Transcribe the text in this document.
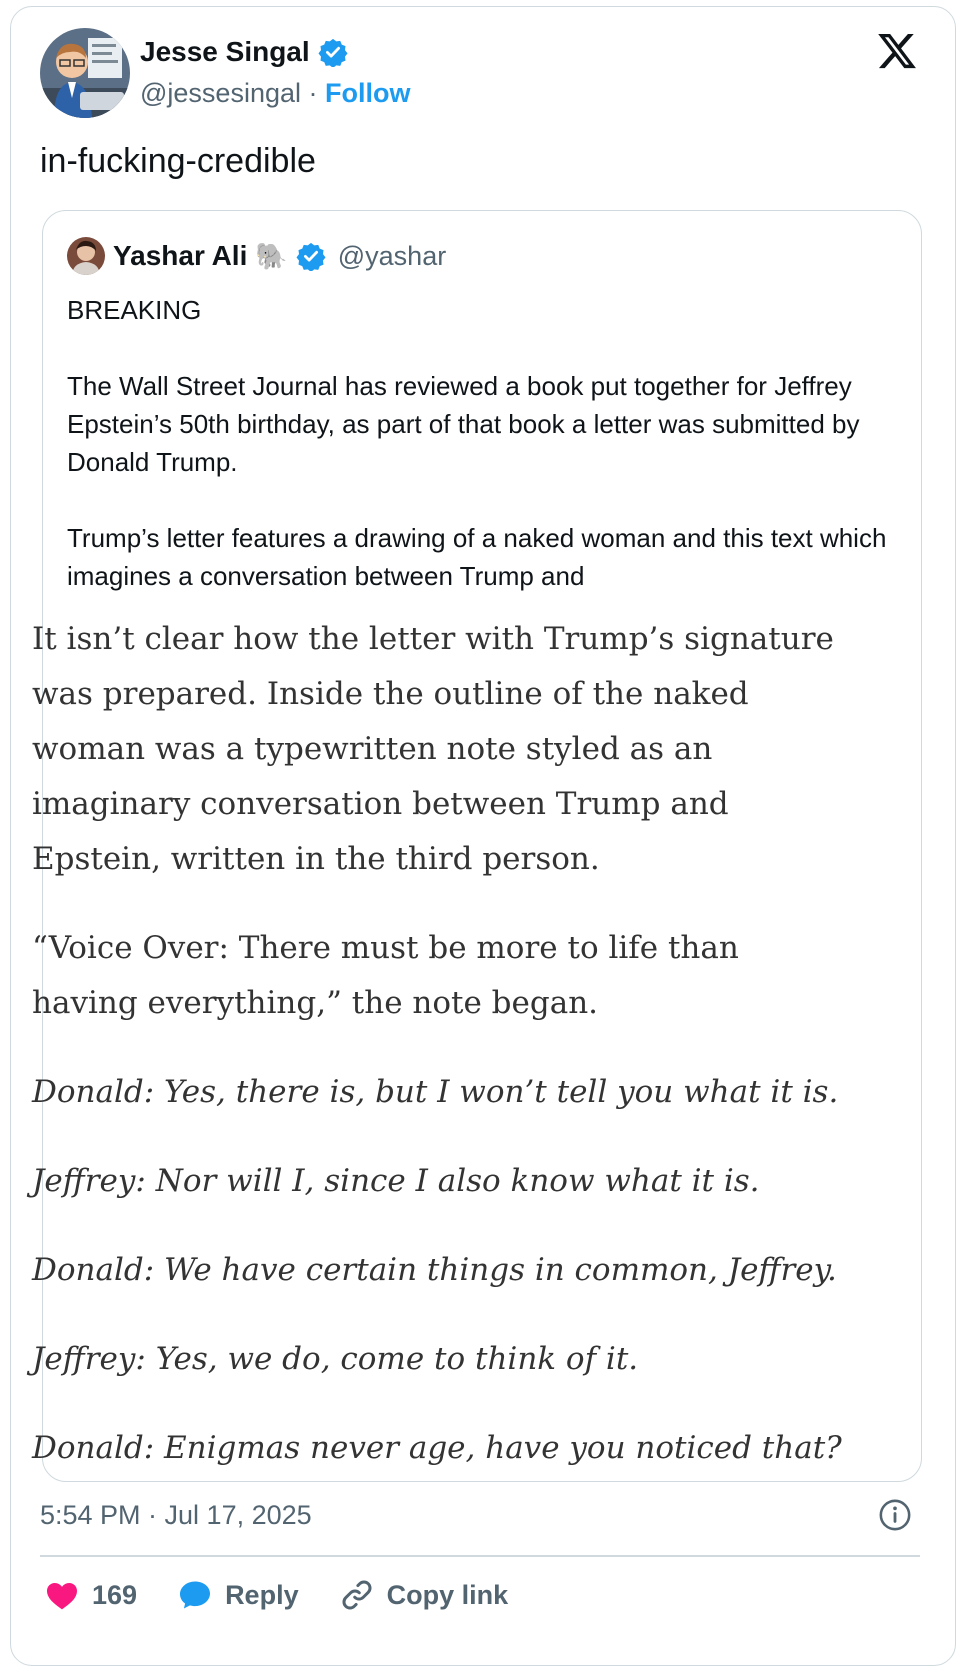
Jesse Singal
@jessesingal · Follow
in-fucking-credible
Yashar Ali 🐘 @yashar

BREAKING

The Wall Street Journal has reviewed a book put together for Jeffrey Epstein’s 50th birthday, as part of that book a letter was submitted by Donald Trump.

Trump’s letter features a drawing of a naked woman and this text which imagines a conversation between Trump and

It isn’t clear how the letter with Trump’s signature was prepared. Inside the outline of the naked woman was a typewritten note styled as an imaginary conversation between Trump and Epstein, written in the third person.

“Voice Over: There must be more to life than having everything,” the note began.

Donald: Yes, there is, but I won’t tell you what it is.

Jeffrey: Nor will I, since I also know what it is.

Donald: We have certain things in common, Jeffrey.

Jeffrey: Yes, we do, come to think of it.

Donald: Enigmas never age, have you noticed that?

5:54 PM · Jul 17, 2025
169	Reply	Copy link
